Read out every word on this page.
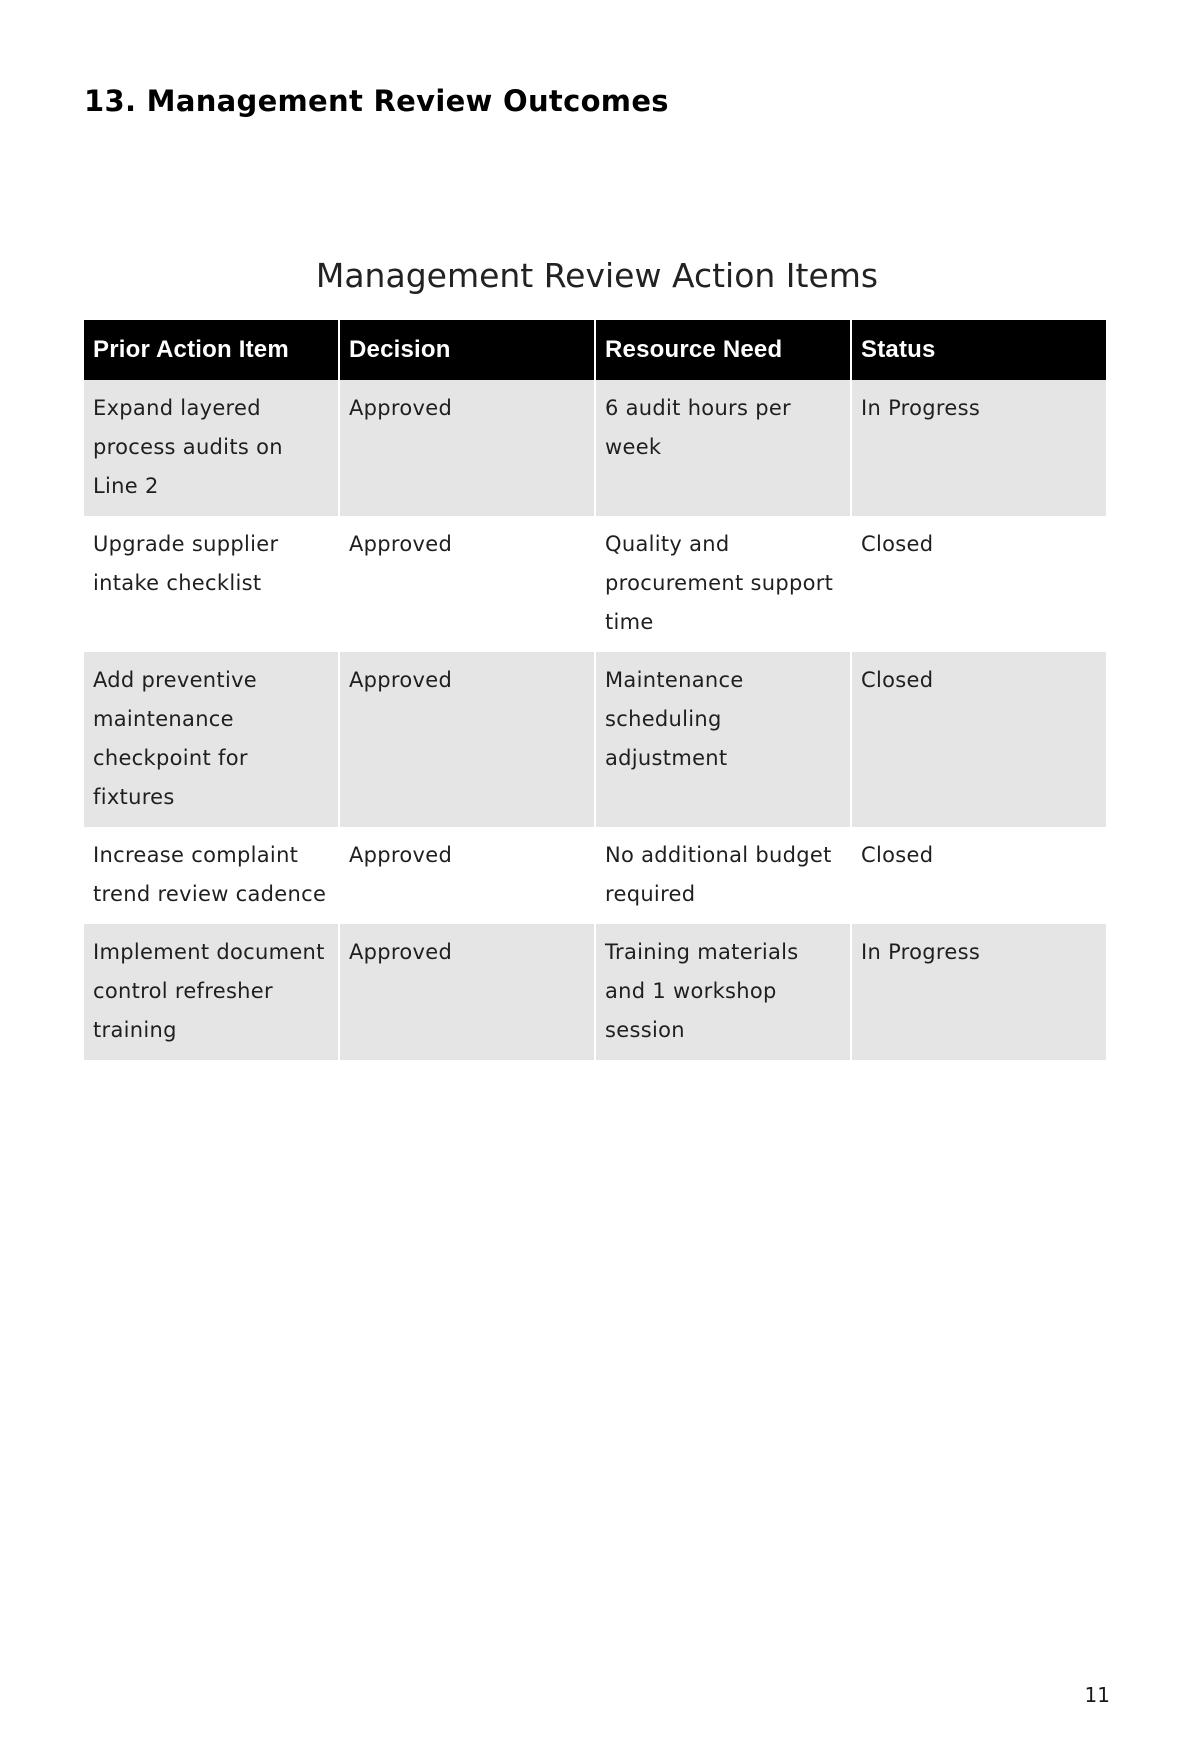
13. Management Review Outcomes
Management Review Action Items
Prior Action Item	Decision	Resource Need	Status
Expand layered process audits on Line 2	Approved	6 audit hours per week	In Progress
Upgrade supplier intake checklist	Approved	Quality and procurement support time	Closed
Add preventive maintenance checkpoint for fixtures	Approved	Maintenance scheduling adjustment	Closed
Increase complaint trend review cadence	Approved	No additional budget required	Closed
Implement document control refresher training	Approved	Training materials and 1 workshop session	In Progress
11
